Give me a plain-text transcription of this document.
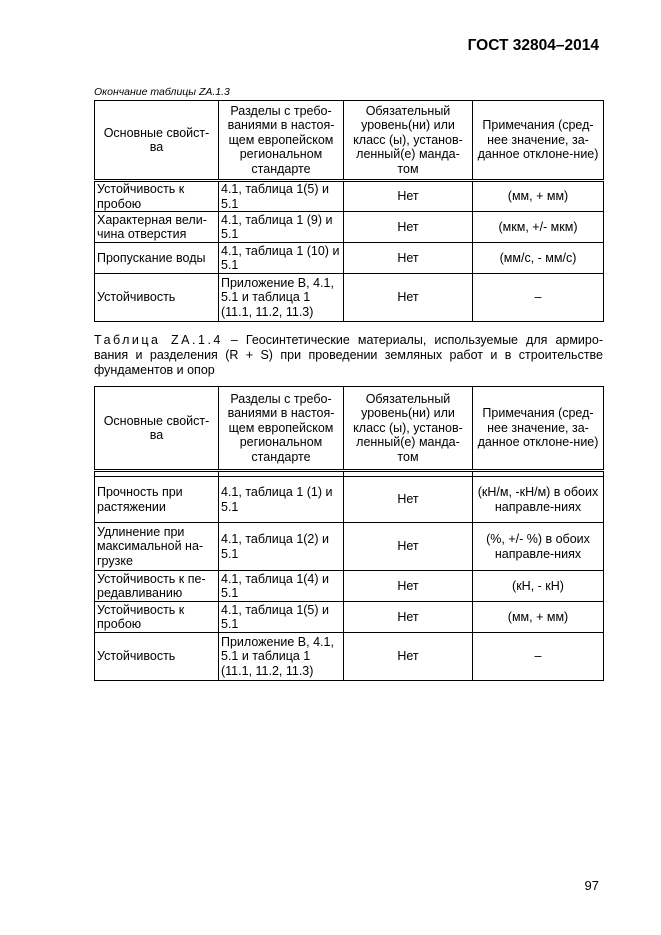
ГОСТ 32804–2014

Окончание таблицы ZA.1.3

Основные свойст-ва	Разделы с требо-ваниями в настоя-щем европейском региональном стандарте	Обязательный уровень(ни) или класс (ы), установ-ленный(е) манда-том	Примечания (сред-нее значение, за-данное отклоне-ние)
Устойчивость к пробою	4.1, таблица 1(5) и 5.1	Нет	(мм, + мм)
Характерная вели-чина отверстия	4.1, таблица 1 (9) и 5.1	Нет	(мкм, +/- мкм)
Пропускание воды	4.1, таблица 1 (10) и 5.1	Нет	(мм/с, - мм/с)
Устойчивость	Приложение В, 4.1, 5.1 и таблица 1 (11.1, 11.2, 11.3)	Нет	–

Таблица ZA.1.4 – Геосинтетические материалы, используемые для армиро-вания и разделения (R + S) при проведении земляных работ и в строительстве фундаментов и опор

Основные свойст-ва	Разделы с требо-ваниями в настоя-щем европейском региональном стандарте	Обязательный уровень(ни) или класс (ы), установ-ленный(е) манда-том	Примечания (сред-нее значение, за-данное отклоне-ние)

Прочность при растяжении	4.1, таблица 1 (1) и 5.1	Нет	(кН/м, -кН/м) в обоих направле-ниях
Удлинение при максимальной на-грузке	4.1, таблица 1(2) и 5.1	Нет	(%, +/- %) в обоих направле-ниях
Устойчивость к пе-редавливанию	4.1, таблица 1(4) и 5.1	Нет	(кН, - кН)
Устойчивость к пробою	4.1, таблица 1(5) и 5.1	Нет	(мм, + мм)
Устойчивость	Приложение В, 4.1, 5.1 и таблица 1 (11.1, 11.2, 11.3)	Нет	–

97
